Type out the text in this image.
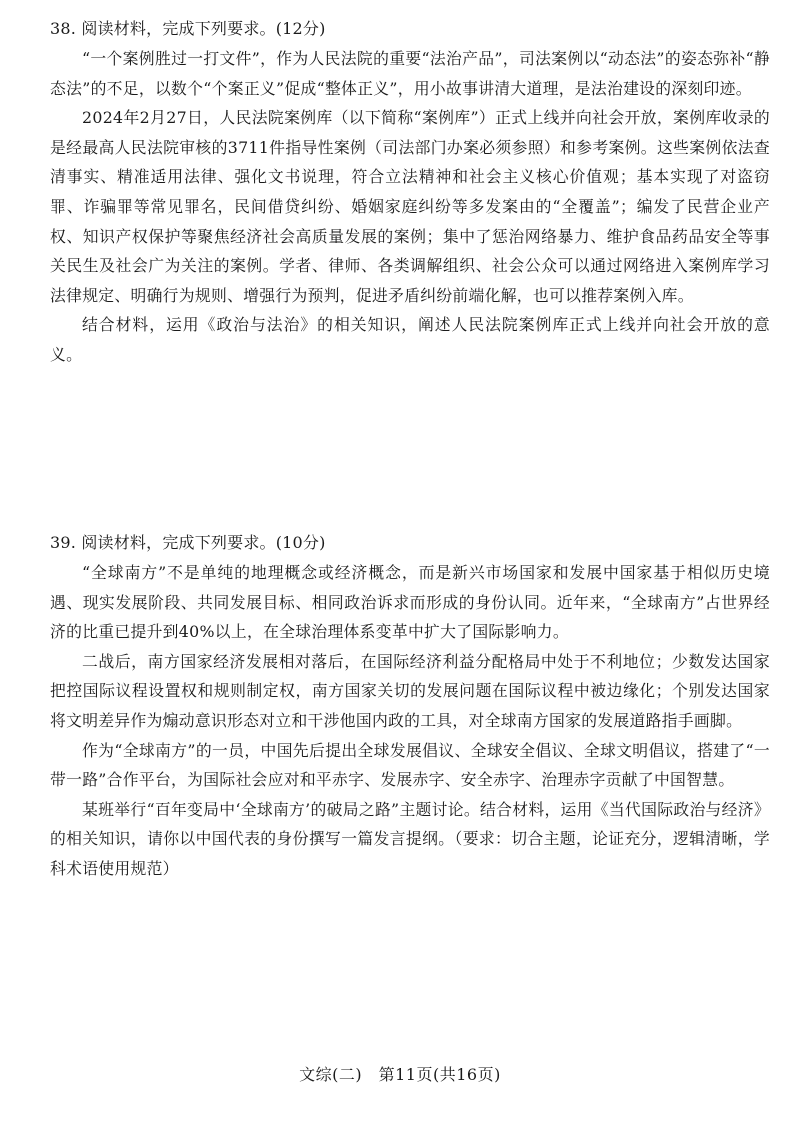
38. 阅读材料，完成下列要求。(12分)

“一个案例胜过一打文件”，作为人民法院的重要“法治产品”，司法案例以“动态法”的姿态弥补“静态法”的不足，以数个“个案正义”促成“整体正义”，用小故事讲清大道理，是法治建设的深刻印迹。

2024年2月27日，人民法院案例库（以下简称“案例库”）正式上线并向社会开放，案例库收录的是经最高人民法院审核的3711件指导性案例（司法部门办案必须参照）和参考案例。这些案例依法查清事实、精准适用法律、强化文书说理，符合立法精神和社会主义核心价值观；基本实现了对盗窃罪、诈骗罪等常见罪名，民间借贷纠纷、婚姻家庭纠纷等多发案由的“全覆盖”；编发了民营企业产权、知识产权保护等聚焦经济社会高质量发展的案例；集中了惩治网络暴力、维护食品药品安全等事关民生及社会广为关注的案例。学者、律师、各类调解组织、社会公众可以通过网络进入案例库学习法律规定、明确行为规则、增强行为预判，促进矛盾纠纷前端化解，也可以推荐案例入库。

结合材料，运用《政治与法治》的相关知识，阐述人民法院案例库正式上线并向社会开放的意义。

39. 阅读材料，完成下列要求。(10分)

“全球南方”不是单纯的地理概念或经济概念，而是新兴市场国家和发展中国家基于相似历史境遇、现实发展阶段、共同发展目标、相同政治诉求而形成的身份认同。近年来，“全球南方”占世界经济的比重已提升到40%以上，在全球治理体系变革中扩大了国际影响力。

二战后，南方国家经济发展相对落后，在国际经济利益分配格局中处于不利地位；少数发达国家把控国际议程设置权和规则制定权，南方国家关切的发展问题在国际议程中被边缘化；个别发达国家将文明差异作为煽动意识形态对立和干涉他国内政的工具，对全球南方国家的发展道路指手画脚。

作为“全球南方”的一员，中国先后提出全球发展倡议、全球安全倡议、全球文明倡议，搭建了“一带一路”合作平台，为国际社会应对和平赤字、发展赤字、安全赤字、治理赤字贡献了中国智慧。

某班举行“百年变局中‘全球南方’的破局之路”主题讨论。结合材料，运用《当代国际政治与经济》的相关知识，请你以中国代表的身份撰写一篇发言提纲。（要求：切合主题，论证充分，逻辑清晰，学科术语使用规范）

文综(二)　第11页(共16页)
